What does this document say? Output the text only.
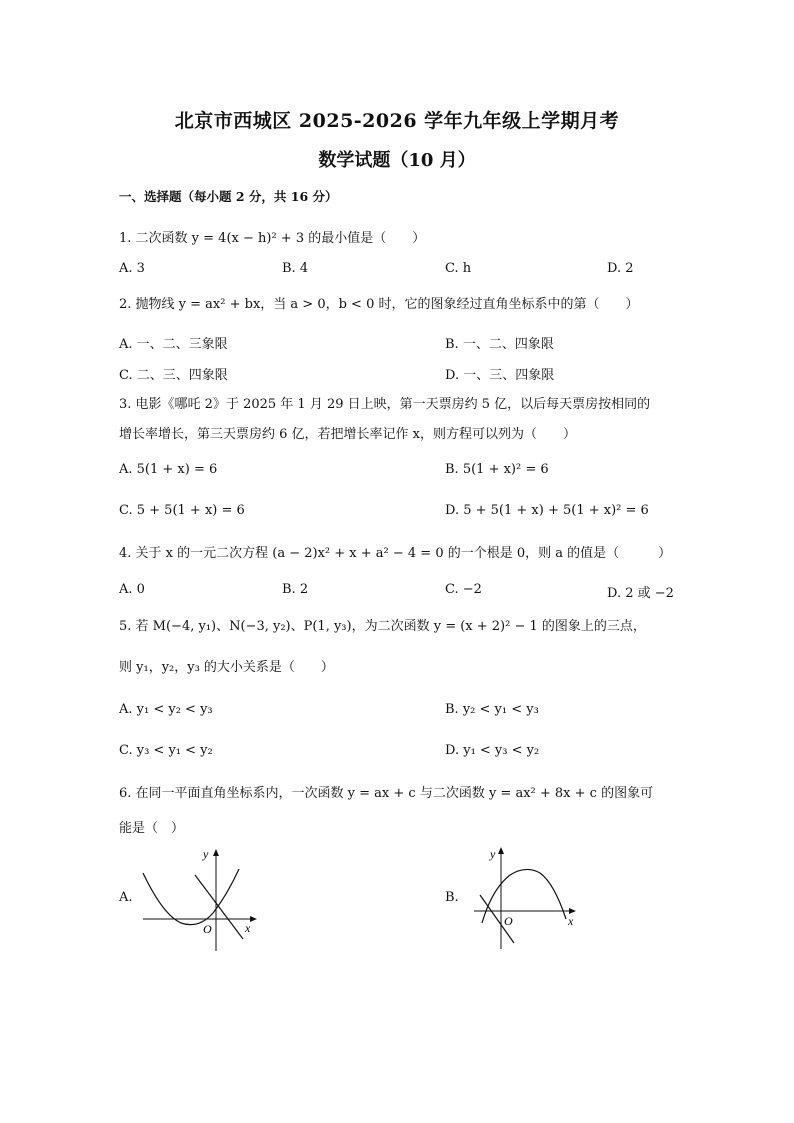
北京市西城区 2025-2026 学年九年级上学期月考
数学试题（10 月）
一、选择题（每小题 2 分，共 16 分）
1. 二次函数 y = 4(x − h)² + 3 的最小值是（　　）
A. 3	B. 4	C. h	D. 2
2. 抛物线 y = ax² + bx，当 a > 0，b < 0 时，它的图象经过直角坐标系中的第（　　）
A. 一、二、三象限	B. 一、二、四象限
C. 二、三、四象限	D. 一、三、四象限
3. 电影《哪吒 2》于 2025 年 1 月 29 日上映，第一天票房约 5 亿，以后每天票房按相同的
增长率增长，第三天票房约 6 亿，若把增长率记作 x，则方程可以列为（　　）
A. 5(1 + x) = 6	B. 5(1 + x)² = 6
C. 5 + 5(1 + x) = 6	D. 5 + 5(1 + x) + 5(1 + x)² = 6
4. 关于 x 的一元二次方程 (a − 2)x² + x + a² − 4 = 0 的一个根是 0，则 a 的值是（　　　）
A. 0	B. 2	C. −2	D. 2 或 −2
5. 若 M(−4, y₁)、N(−3, y₂)、P(1, y₃)，为二次函数 y = (x + 2)² − 1 的图象上的三点，
则 y₁，y₂，y₃ 的大小关系是（　　）
A. y₁ < y₂ < y₃	B. y₂ < y₁ < y₃
C. y₃ < y₁ < y₂	D. y₁ < y₃ < y₂
6. 在同一平面直角坐标系内，一次函数 y = ax + c 与二次函数 y = ax² + 8x + c 的图象可
能是（　）
A.	B.
y
x
O
y
x
O
